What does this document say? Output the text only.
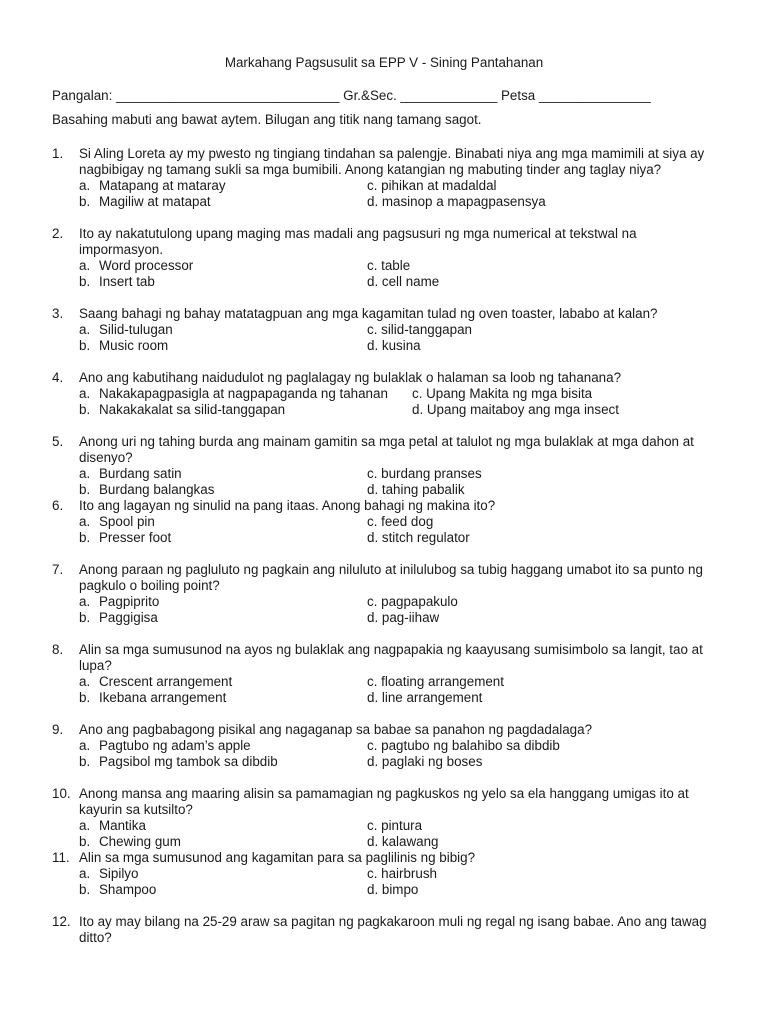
Markahang Pagsusulit sa EPP V - Sining Pantahanan
Pangalan: ______________________________ Gr.&Sec. _____________ Petsa _______________
Basahing mabuti ang bawat aytem. Bilugan ang titik nang tamang sagot.
1. Si Aling Loreta ay my pwesto ng tingiang tindahan sa palengje. Binabati niya ang mga mamimili at siya ay
nagbibigay ng tamang sukli sa mga bumibili. Anong katangian ng mabuting tinder ang taglay niya?
a. Matapang at mataray	c. pihikan at madaldal
b. Magiliw at matapat	d. masinop a mapagpasensya
2. Ito ay nakatutulong upang maging mas madali ang pagsusuri ng mga numerical at tekstwal na
impormasyon.
a. Word processor	c. table
b. Insert tab	d. cell name
3. Saang bahagi ng bahay matatagpuan ang mga kagamitan tulad ng oven toaster, lababo at kalan?
a. Silid-tulugan	c. silid-tanggapan
b. Music room	d. kusina
4. Ano ang kabutihang naidudulot ng paglalagay ng bulaklak o halaman sa loob ng tahanana?
a. Nakakapagpasigla at nagpapaganda ng tahanan c. Upang Makita ng mga bisita
b. Nakakakalat sa silid-tanggapan	d. Upang maitaboy ang mga insect
5. Anong uri ng tahing burda ang mainam gamitin sa mga petal at talulot ng mga bulaklak at mga dahon at
disenyo?
a. Burdang satin	c. burdang pranses
b. Burdang balangkas	d. tahing pabalik
6. Ito ang lagayan ng sinulid na pang itaas. Anong bahagi ng makina ito?
a. Spool pin	c. feed dog
b. Presser foot	d. stitch regulator
7. Anong paraan ng pagluluto ng pagkain ang niluluto at inilulubog sa tubig haggang umabot ito sa punto ng
pagkulo o boiling point?
a. Pagpiprito	c. pagpapakulo
b. Paggigisa	d. pag-iihaw
8. Alin sa mga sumusunod na ayos ng bulaklak ang nagpapakia ng kaayusang sumisimbolo sa langit, tao at
lupa?
a. Crescent arrangement	c. floating arrangement
b. Ikebana arrangement	d. line arrangement
9. Ano ang pagbabagong pisikal ang nagaganap sa babae sa panahon ng pagdadalaga?
a. Pagtubo ng adam’s apple	c. pagtubo ng balahibo sa dibdib
b. Pagsibol mg tambok sa dibdib	d. paglaki ng boses
10. Anong mansa ang maaring alisin sa pamamagian ng pagkuskos ng yelo sa ela hanggang umigas ito at
kayurin sa kutsilto?
a. Mantika	c. pintura
b. Chewing gum	d. kalawang
11. Alin sa mga sumusunod ang kagamitan para sa paglilinis ng bibig?
a. Sipilyo	c. hairbrush
b. Shampoo	d. bimpo
12. Ito ay may bilang na 25-29 araw sa pagitan ng pagkakaroon muli ng regal ng isang babae. Ano ang tawag
ditto?
